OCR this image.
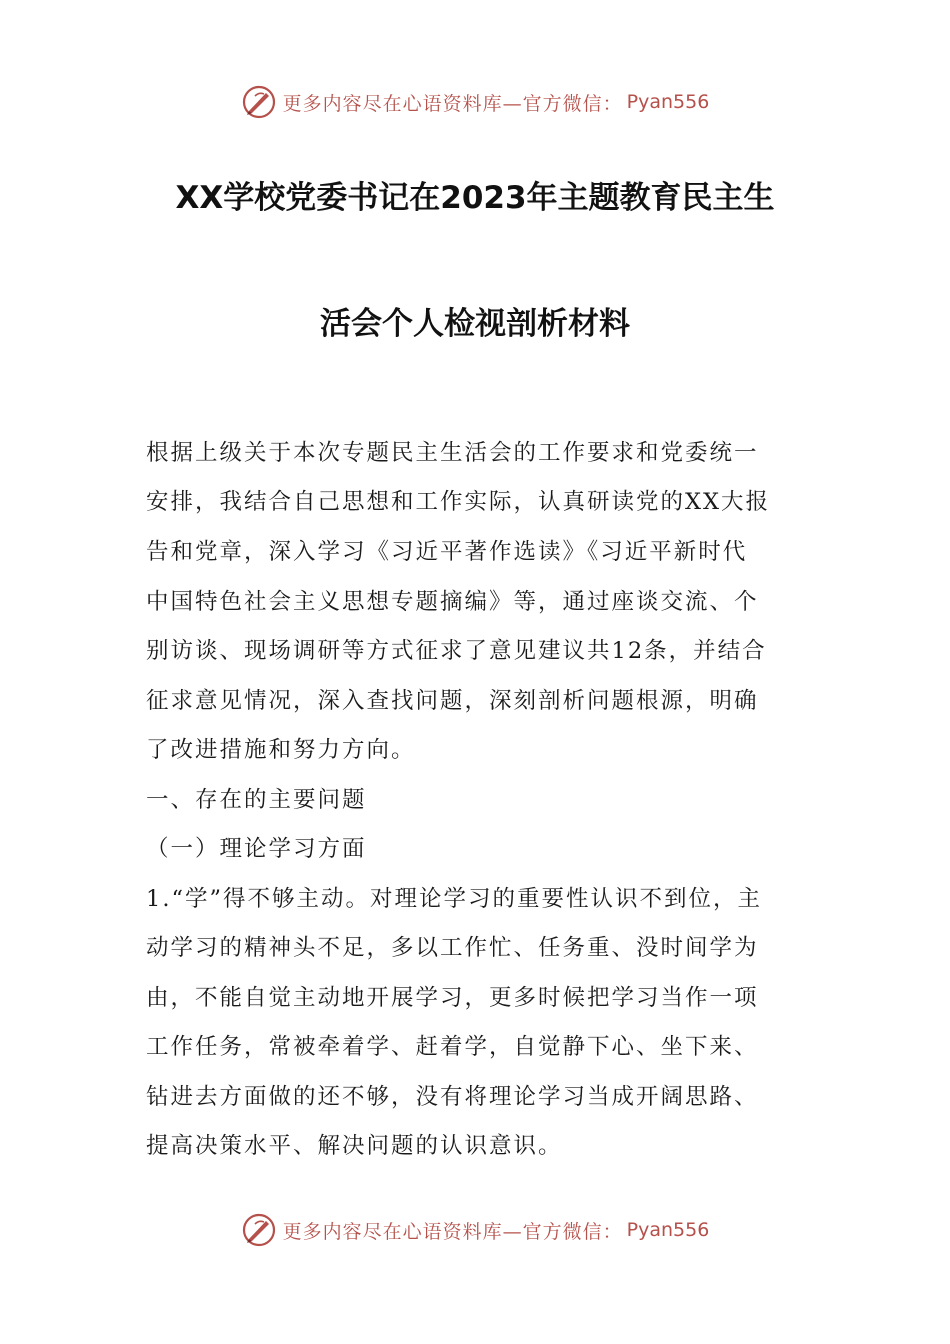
更多内容尽在心语资料库—官方微信： Pyan556
XX学校党委书记在2023年主题教育民主生
活会个人检视剖析材料
根据上级关于本次专题民主生活会的工作要求和党委统一
安排，我结合自己思想和工作实际，认真研读党的XX大报
告和党章，深入学习《习近平著作选读》《习近平新时代
中国特色社会主义思想专题摘编》等，通过座谈交流、个
别访谈、现场调研等方式征求了意见建议共12条，并结合
征求意见情况，深入查找问题，深刻剖析问题根源，明确
了改进措施和努力方向。
一、存在的主要问题
（一）理论学习方面
1.“学”得不够主动。对理论学习的重要性认识不到位，主
动学习的精神头不足，多以工作忙、任务重、没时间学为
由，不能自觉主动地开展学习，更多时候把学习当作一项
工作任务，常被牵着学、赶着学，自觉静下心、坐下来、
钻进去方面做的还不够，没有将理论学习当成开阔思路、
提高决策水平、解决问题的认识意识。
更多内容尽在心语资料库—官方微信： Pyan556
